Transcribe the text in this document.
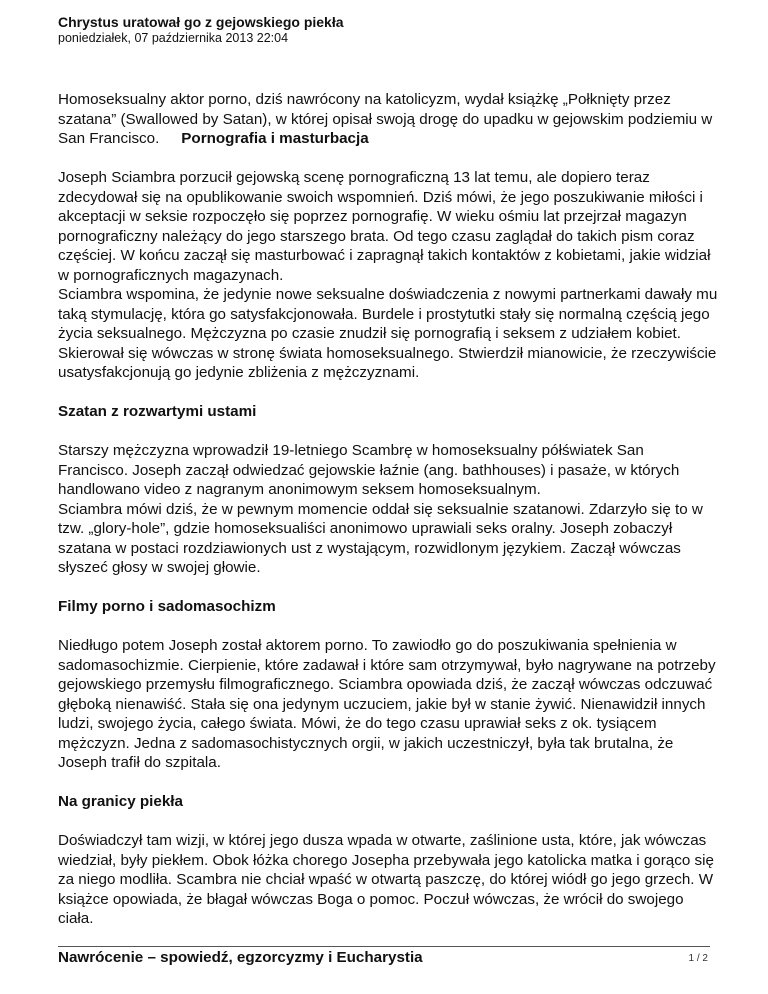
Chrystus uratował go z gejowskiego piekła
poniedziałek, 07 października 2013 22:04

Homoseksualny aktor porno, dziś nawrócony na katolicyzm, wydał książkę „Połknięty przez szatana” (Swallowed by Satan), w której opisał swoją drogę do upadku w gejowskim podziemiu w San Francisco. Pornografia i masturbacja

Joseph Sciambra porzucił gejowską scenę pornograficzną 13 lat temu, ale dopiero teraz zdecydował się na opublikowanie swoich wspomnień. Dziś mówi, że jego poszukiwanie miłości i akceptacji w seksie rozpoczęło się poprzez pornografię. W wieku ośmiu lat przejrzał magazyn pornograficzny należący do jego starszego brata. Od tego czasu zaglądał do takich pism coraz częściej. W końcu zaczął się masturbować i zapragnął takich kontaktów z kobietami, jakie widział w pornograficznych magazynach.

Sciambra wspomina, że jedynie nowe seksualne doświadczenia z nowymi partnerkami dawały mu taką stymulację, która go satysfakcjonowała. Burdele i prostytutki stały się normalną częścią jego życia seksualnego. Mężczyzna po czasie znudził się pornografią i seksem z udziałem kobiet. Skierował się wówczas w stronę świata homoseksualnego. Stwierdził mianowicie, że rzeczywiście usatysfakcjonują go jedynie zbliżenia z mężczyznami.

Szatan z rozwartymi ustami

Starszy mężczyzna wprowadził 19-letniego Scambrę w homoseksualny półświatek San Francisco. Joseph zaczął odwiedzać gejowskie łaźnie (ang. bathhouses) i pasaże, w których handlowano video z nagranym anonimowym seksem homoseksualnym.

Sciambra mówi dziś, że w pewnym momencie oddał się seksualnie szatanowi. Zdarzyło się to w tzw. „glory-hole”, gdzie homoseksualiści anonimowo uprawiali seks oralny. Joseph zobaczył szatana w postaci rozdziawionych ust z wystającym, rozwidlonym językiem. Zaczął wówczas słyszeć głosy w swojej głowie.

Filmy porno i sadomasochizm

Niedługo potem Joseph został aktorem porno. To zawiodło go do poszukiwania spełnienia w sadomasochizmie. Cierpienie, które zadawał i które sam otrzymywał, było nagrywane na potrzeby gejowskiego przemysłu filmograficznego. Sciambra opowiada dziś, że zaczął wówczas odczuwać głęboką nienawiść. Stała się ona jedynym uczuciem, jakie był w stanie żywić. Nienawidził innych ludzi, swojego życia, całego świata. Mówi, że do tego czasu uprawiał seks z ok. tysiącem mężczyzn. Jedna z sadomasochistycznych orgii, w jakich uczestniczył, była tak brutalna, że Joseph trafił do szpitala.

Na granicy piekła

Doświadczył tam wizji, w której jego dusza wpada w otwarte, zaślinione usta, które, jak wówczas wiedział, były piekłem. Obok łóżka chorego Josepha przebywała jego katolicka matka i gorąco się za niego modliła. Scambra nie chciał wpaść w otwartą paszczę, do której wiódł go jego grzech. W książce opowiada, że błagał wówczas Boga o pomoc. Poczuł wówczas, że wrócił do swojego ciała.

Nawrócenie – spowiedź, egzorcyzmy i Eucharystia	1 / 2
